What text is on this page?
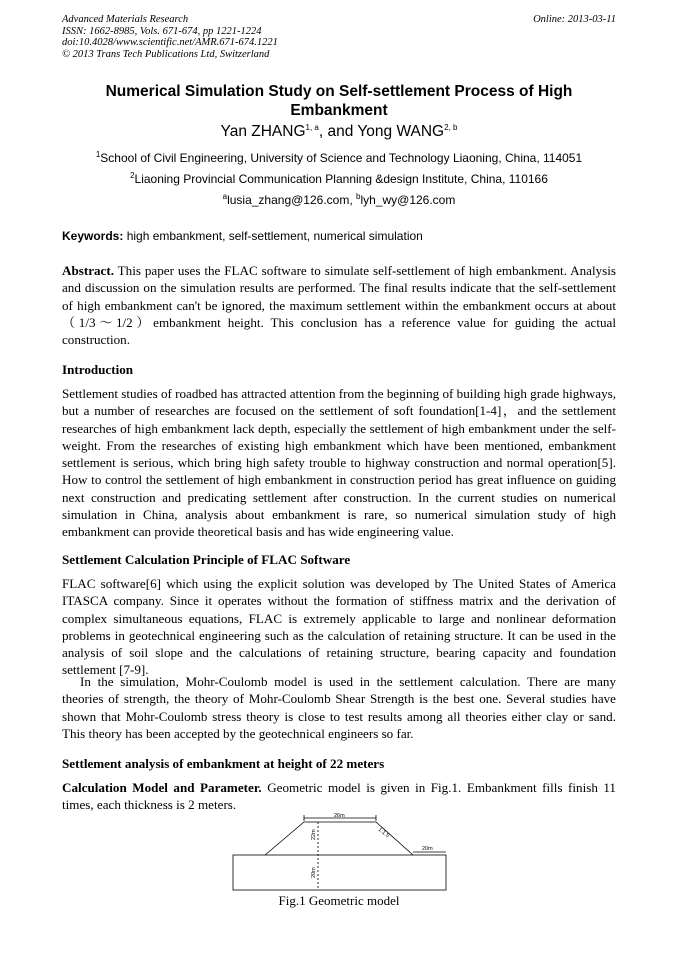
Advanced Materials Research
ISSN: 1662-8985, Vols. 671-674, pp 1221-1224
doi:10.4028/www.scientific.net/AMR.671-674.1221
© 2013 Trans Tech Publications Ltd, Switzerland
Online: 2013-03-11
Numerical Simulation Study on Self-settlement Process of High Embankment
Yan ZHANG$^{1, a}$, and Yong WANG$^{2, b}$
$^1$School of Civil Engineering, University of Science and Technology Liaoning, China, 114051
$^2$Liaoning Provincial Communication Planning &design Institute, China, 110166
$^a$lusia_zhang@126.com, $^b$lyh_wy@126.com
Keywords: high embankment, self-settlement, numerical simulation
Abstract. This paper uses the FLAC software to simulate self-settlement of high embankment. Analysis and discussion on the simulation results are performed. The final results indicate that the self-settlement of high embankment can't be ignored, the maximum settlement within the embankment occurs at about （1/3～1/2）embankment height. This conclusion has a reference value for guiding the actual construction.
Introduction
Settlement studies of roadbed has attracted attention from the beginning of building high grade highways, but a number of researches are focused on the settlement of soft foundation[1-4]，and the settlement researches of high embankment lack depth, especially the settlement of high embankment under the self-weight. From the researches of existing high embankment which have been mentioned, embankment settlement is serious, which bring high safety trouble to highway construction and normal operation[5]. How to control the settlement of high embankment in construction period has great influence on guiding next construction and predicating settlement after construction. In the current studies on numerical simulation in China, analysis about embankment is rare, so numerical simulation study of high embankment can provide theoretical basis and has wide engineering value.
Settlement Calculation Principle of FLAC Software
FLAC software[6] which using the explicit solution was developed by The United States of America ITASCA company. Since it operates without the formation of stiffness matrix and the derivation of complex simultaneous equations, FLAC is extremely applicable to large and nonlinear deformation problems in geotechnical engineering such as the calculation of retaining structure. It can be used in the analysis of soil slope and the calculations of retaining structure, bearing capacity and foundation settlement [7-9].
In the simulation, Mohr-Coulomb model is used in the settlement calculation. There are many theories of strength, the theory of Mohr-Coulomb Shear Strength is the best one. Several studies have shown that Mohr-Coulomb stress theory is close to test results among all theories either clay or sand. This theory has been accepted by the geotechnical engineers so far.
Settlement analysis of embankment at height of 22 meters
Calculation Model and Parameter. Geometric model is given in Fig.1. Embankment fills finish 11 times, each thickness is 2 meters.
26m
22m	1:1.5
20m
20m
Fig.1 Geometric model
